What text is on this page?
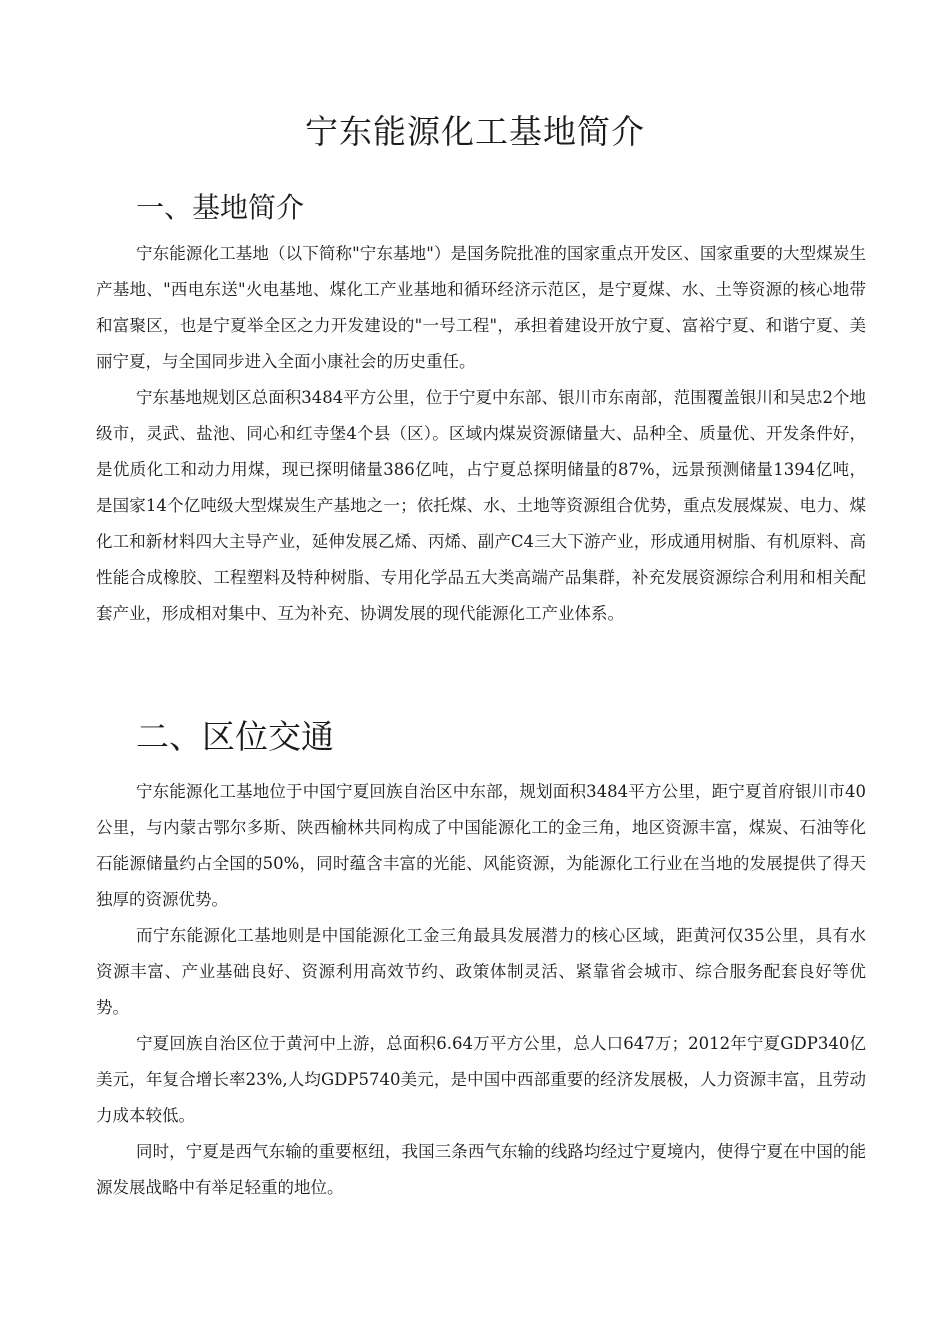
宁东能源化工基地简介
一、基地简介

宁东能源化工基地（以下简称"宁东基地"）是国务院批准的国家重点开发区、国家重要的大型煤炭生产基地、"西电东送"火电基地、煤化工产业基地和循环经济示范区，是宁夏煤、水、土等资源的核心地带和富聚区，也是宁夏举全区之力开发建设的"一号工程"，承担着建设开放宁夏、富裕宁夏、和谐宁夏、美丽宁夏，与全国同步进入全面小康社会的历史重任。

宁东基地规划区总面积3484平方公里，位于宁夏中东部、银川市东南部，范围覆盖银川和吴忠2个地级市，灵武、盐池、同心和红寺堡4个县（区）。区域内煤炭资源储量大、品种全、质量优、开发条件好，是优质化工和动力用煤，现已探明储量386亿吨，占宁夏总探明储量的87%，远景预测储量1394亿吨，是国家14个亿吨级大型煤炭生产基地之一；依托煤、水、土地等资源组合优势，重点发展煤炭、电力、煤化工和新材料四大主导产业，延伸发展乙烯、丙烯、副产C4三大下游产业，形成通用树脂、有机原料、高性能合成橡胶、工程塑料及特种树脂、专用化学品五大类高端产品集群，补充发展资源综合利用和相关配套产业，形成相对集中、互为补充、协调发展的现代能源化工产业体系。

二、区位交通

宁东能源化工基地位于中国宁夏回族自治区中东部，规划面积3484平方公里，距宁夏首府银川市40公里，与内蒙古鄂尔多斯、陕西榆林共同构成了中国能源化工的金三角，地区资源丰富，煤炭、石油等化石能源储量约占全国的50%，同时蕴含丰富的光能、风能资源，为能源化工行业在当地的发展提供了得天独厚的资源优势。

而宁东能源化工基地则是中国能源化工金三角最具发展潜力的核心区域，距黄河仅35公里，具有水资源丰富、产业基础良好、资源利用高效节约、政策体制灵活、紧靠省会城市、综合服务配套良好等优势。

宁夏回族自治区位于黄河中上游，总面积6.64万平方公里，总人口647万；2012年宁夏GDP340亿美元，年复合增长率23%,人均GDP5740美元，是中国中西部重要的经济发展极，人力资源丰富，且劳动力成本较低。

同时，宁夏是西气东输的重要枢纽，我国三条西气东输的线路均经过宁夏境内，使得宁夏在中国的能源发展战略中有举足轻重的地位。
